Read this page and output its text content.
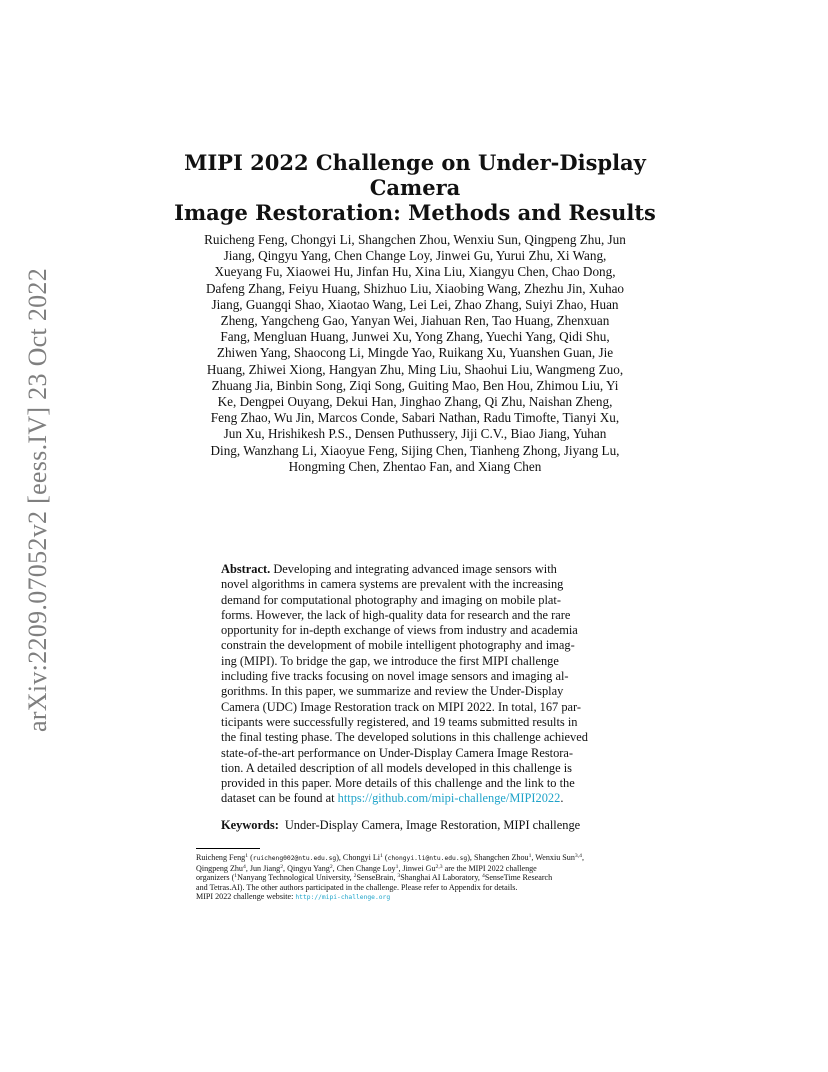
arXiv:2209.07052v2 [eess.IV] 23 Oct 2022
MIPI 2022 Challenge on Under-Display Camera
Image Restoration: Methods and Results
Ruicheng Feng, Chongyi Li, Shangchen Zhou, Wenxiu Sun, Qingpeng Zhu, Jun
Jiang, Qingyu Yang, Chen Change Loy, Jinwei Gu, Yurui Zhu, Xi Wang,
Xueyang Fu, Xiaowei Hu, Jinfan Hu, Xina Liu, Xiangyu Chen, Chao Dong,
Dafeng Zhang, Feiyu Huang, Shizhuo Liu, Xiaobing Wang, Zhezhu Jin, Xuhao
Jiang, Guangqi Shao, Xiaotao Wang, Lei Lei, Zhao Zhang, Suiyi Zhao, Huan
Zheng, Yangcheng Gao, Yanyan Wei, Jiahuan Ren, Tao Huang, Zhenxuan
Fang, Mengluan Huang, Junwei Xu, Yong Zhang, Yuechi Yang, Qidi Shu,
Zhiwen Yang, Shaocong Li, Mingde Yao, Ruikang Xu, Yuanshen Guan, Jie
Huang, Zhiwei Xiong, Hangyan Zhu, Ming Liu, Shaohui Liu, Wangmeng Zuo,
Zhuang Jia, Binbin Song, Ziqi Song, Guiting Mao, Ben Hou, Zhimou Liu, Yi
Ke, Dengpei Ouyang, Dekui Han, Jinghao Zhang, Qi Zhu, Naishan Zheng,
Feng Zhao, Wu Jin, Marcos Conde, Sabari Nathan, Radu Timofte, Tianyi Xu,
Jun Xu, Hrishikesh P.S., Densen Puthussery, Jiji C.V., Biao Jiang, Yuhan
Ding, Wanzhang Li, Xiaoyue Feng, Sijing Chen, Tianheng Zhong, Jiyang Lu,
Hongming Chen, Zhentao Fan, and Xiang Chen
Abstract. Developing and integrating advanced image sensors with
novel algorithms in camera systems are prevalent with the increasing
demand for computational photography and imaging on mobile plat-
forms. However, the lack of high-quality data for research and the rare
opportunity for in-depth exchange of views from industry and academia
constrain the development of mobile intelligent photography and imag-
ing (MIPI). To bridge the gap, we introduce the first MIPI challenge
including five tracks focusing on novel image sensors and imaging al-
gorithms. In this paper, we summarize and review the Under-Display
Camera (UDC) Image Restoration track on MIPI 2022. In total, 167 par-
ticipants were successfully registered, and 19 teams submitted results in
the final testing phase. The developed solutions in this challenge achieved
state-of-the-art performance on Under-Display Camera Image Restora-
tion. A detailed description of all models developed in this challenge is
provided in this paper. More details of this challenge and the link to the
dataset can be found at https://github.com/mipi-challenge/MIPI2022.
Keywords: Under-Display Camera, Image Restoration, MIPI challenge
Ruicheng Feng$^1$ (ruicheng002@ntu.edu.sg), Chongyi Li$^1$ (chongyi.li@ntu.edu.sg), Shangchen Zhou$^1$, Wenxiu Sun$^{3,4}$,
Qingpeng Zhu$^4$, Jun Jiang$^2$, Qingyu Yang$^2$, Chen Change Loy$^1$, Jinwei Gu$^{2,3}$ are the MIPI 2022 challenge
organizers ($^1$Nanyang Technological University, $^2$SenseBrain, $^3$Shanghai AI Laboratory, $^4$SenseTime Research
and Tetras.AI). The other authors participated in the challenge. Please refer to Appendix for details.
MIPI 2022 challenge website: http://mipi-challenge.org
